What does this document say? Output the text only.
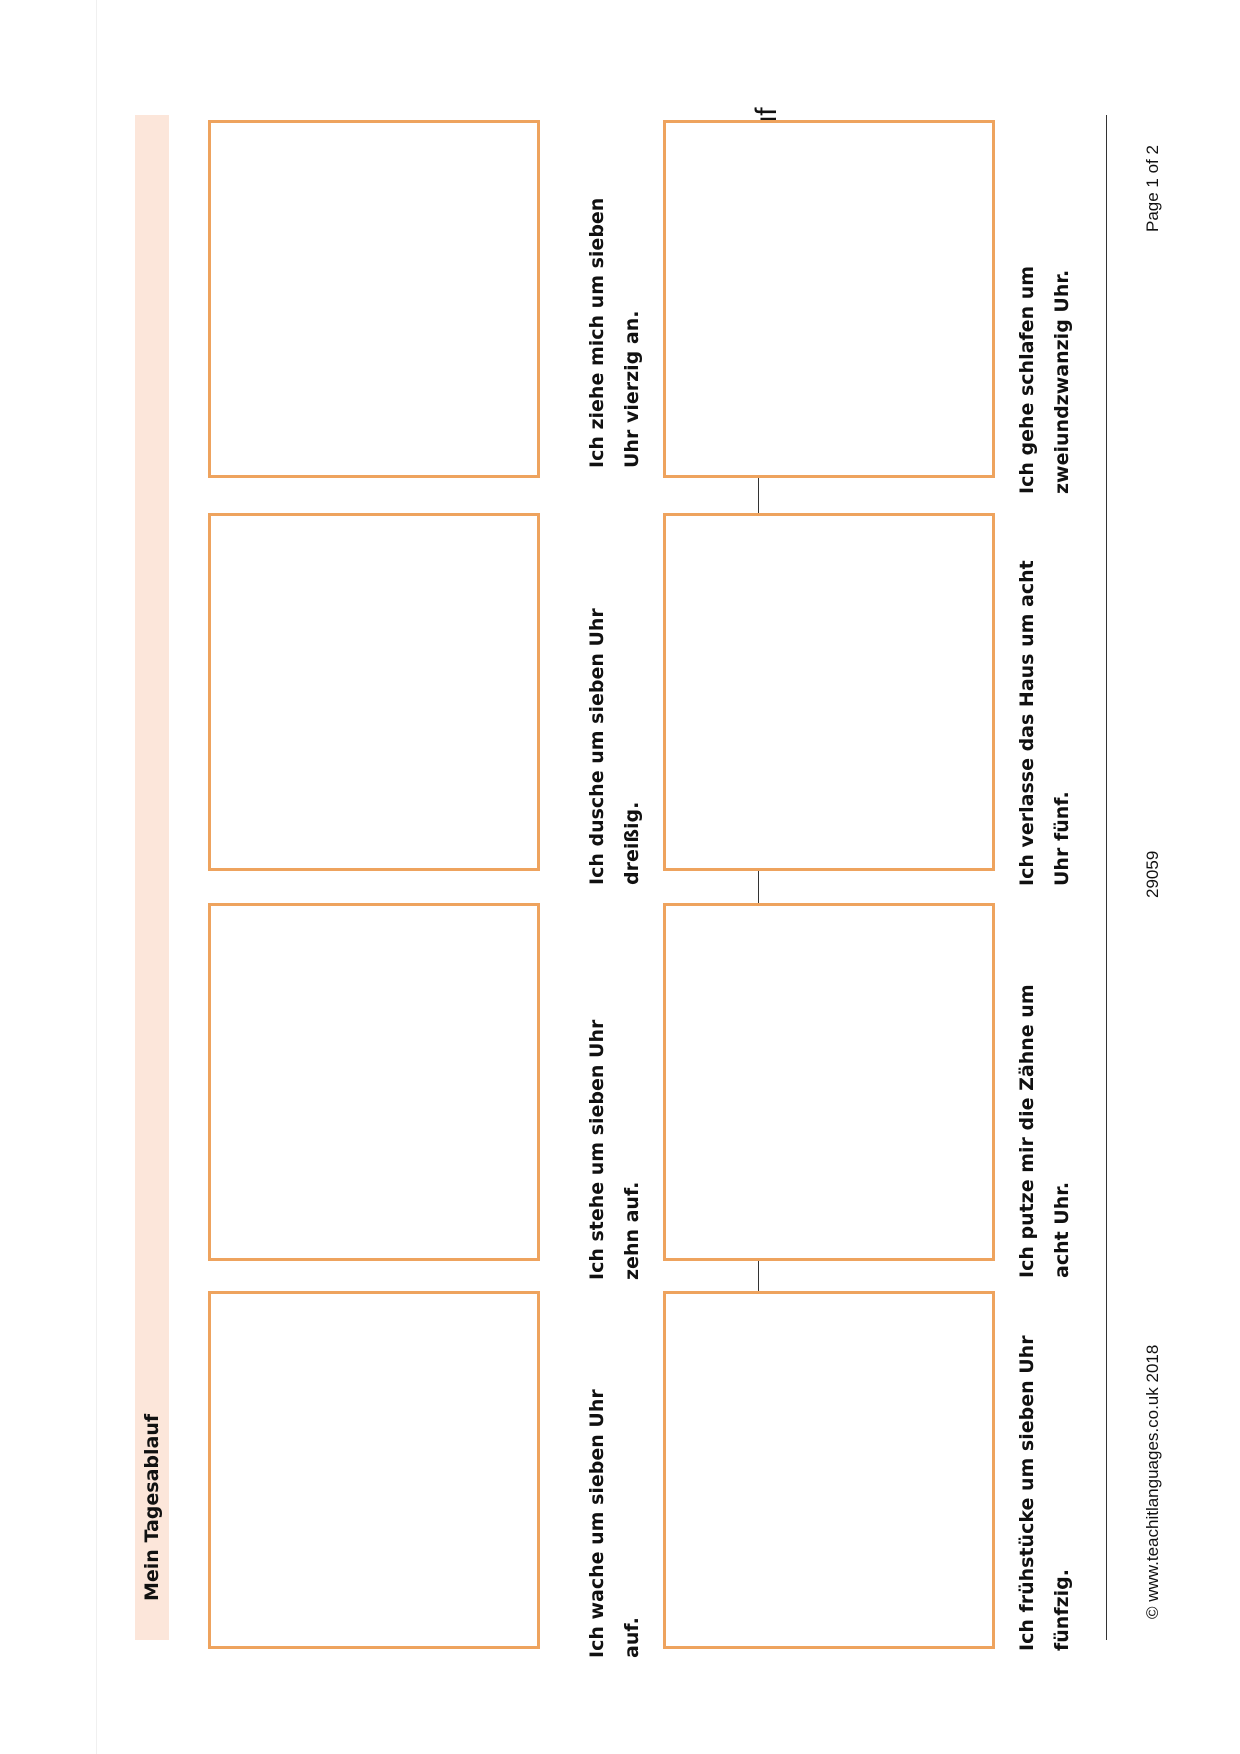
Mein Tagesablauf	Ich wache um sieben Uhr auf.
Ich stehe um sieben Uhr zehn auf.
Ich dusche um sieben Uhr dreißig.
Ich ziehe mich um sieben Uhr vierzig an.
Ich frühstücke um sieben Uhr fünfzig.
Ich putze mir die Zähne um acht Uhr.
Ich verlasse das Haus um acht Uhr fünf.
Ich gehe schlafen um zweiundzwanzig Uhr.
© www.teachitlanguages.co.uk 2018
29059
Page 1 of 2
